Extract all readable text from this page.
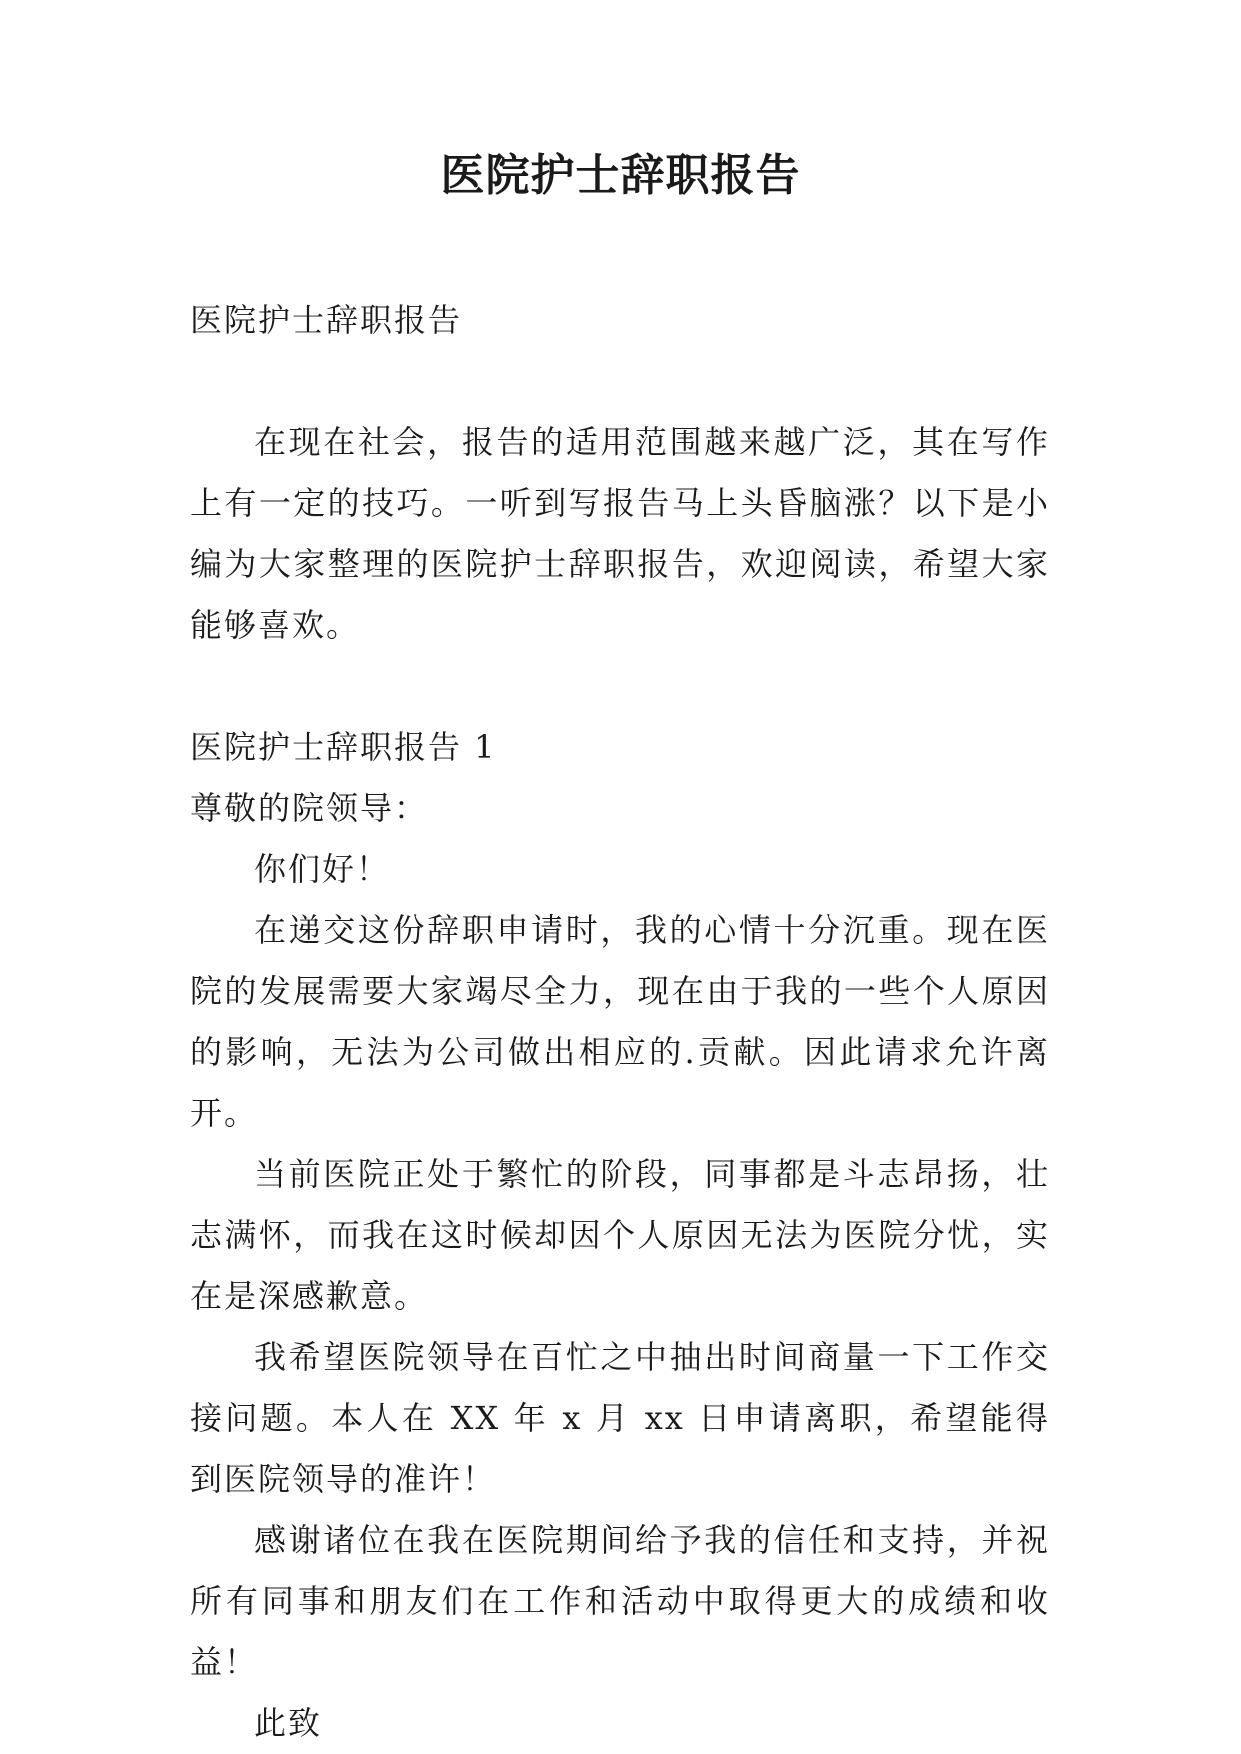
医院护士辞职报告

医院护士辞职报告

在现在社会，报告的适用范围越来越广泛，其在写作上有一定的技巧。一听到写报告马上头昏脑涨？以下是小编为大家整理的医院护士辞职报告，欢迎阅读，希望大家能够喜欢。

医院护士辞职报告 1

尊敬的院领导：

你们好！

在递交这份辞职申请时，我的心情十分沉重。现在医院的发展需要大家竭尽全力，现在由于我的一些个人原因的影响，无法为公司做出相应的.贡献。因此请求允许离开。

当前医院正处于繁忙的阶段，同事都是斗志昂扬，壮志满怀，而我在这时候却因个人原因无法为医院分忧，实在是深感歉意。

我希望医院领导在百忙之中抽出时间商量一下工作交接问题。本人在 XX 年 x 月 xx 日申请离职，希望能得到医院领导的准许！

感谢诸位在我在医院期间给予我的信任和支持，并祝所有同事和朋友们在工作和活动中取得更大的成绩和收益！

此致
